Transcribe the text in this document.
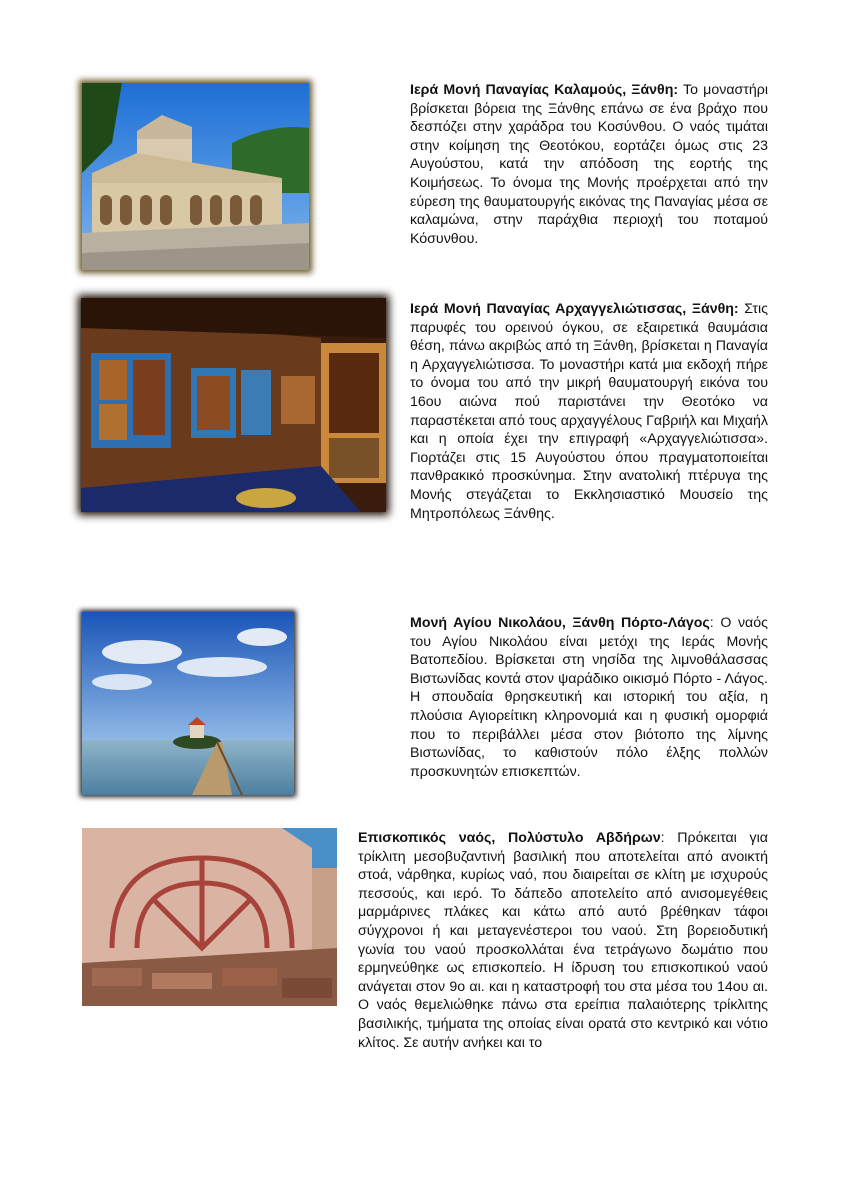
Ιερά Μονή Παναγίας Καλαμούς, Ξάνθη: Το μοναστήρι βρίσκεται βόρεια της Ξάνθης επάνω σε ένα βράχο που δεσπόζει στην χαράδρα του Κοσύνθου. Ο ναός τιμάται στην κοίμηση της Θεοτόκου, εορτάζει όμως στις 23 Αυγούστου, κατά την απόδοση της εορτής της Κοιμήσεως. Το όνομα της Μονής προέρχεται από την εύρεση της θαυματουργής εικόνας της Παναγίας μέσα σε καλαμώνα, στην παράχθια περιοχή του ποταμού Κόσυνθου.
Ιερά Μονή Παναγίας Αρχαγγελιώτισσας, Ξάνθη: Στις παρυφές του ορεινού όγκου, σε εξαιρετικά θαυμάσια θέση, πάνω ακριβώς από τη Ξάνθη, βρίσκεται η Παναγία η Αρχαγγελιώτισσα. Το μοναστήρι κατά μια εκδοχή πήρε το όνομα του από την μικρή θαυματουργή εικόνα του 16ου αιώνα πού παριστάνει την Θεοτόκο να παραστέκεται από τους αρχαγγέλους Γαβριήλ και Μιχαήλ και η οποία έχει την επιγραφή «Αρχαγγελιώτισσα». Γιορτάζει στις 15 Αυγούστου όπου πραγματοποιείται πανθρακικό προσκύνημα. Στην ανατολική πτέρυγα της Μονής στεγάζεται το Εκκλησιαστικό Μουσείο της Μητροπόλεως Ξάνθης.
Μονή Αγίου Νικολάου, Ξάνθη Πόρτο-Λάγος: Ο ναός του Αγίου Νικολάου είναι μετόχι της Ιεράς Μονής Βατοπεδίου. Βρίσκεται στη νησίδα της λιμνοθάλασσας Βιστωνίδας κοντά στον ψαράδικο οικισμό Πόρτο - Λάγος. Η σπουδαία θρησκευτική και ιστορική του αξία, η πλούσια Αγιορείτικη κληρονομιά και η φυσική ομορφιά που το περιβάλλει μέσα στον βιότοπο της λίμνης Βιστωνίδας, το καθιστούν πόλο έλξης πολλών προσκυνητών επισκεπτών.
Επισκοπικός ναός, Πολύστυλο Αβδήρων: Πρόκειται για τρίκλιτη μεσοβυζαντινή βασιλική που αποτελείται από ανοικτή στοά, νάρθηκα, κυρίως ναό, που διαιρείται σε κλίτη με ισχυρούς πεσσούς, και ιερό. Το δάπεδο αποτελείτο από ανισομεγέθεις μαρμάρινες πλάκες και κάτω από αυτό βρέθηκαν τάφοι σύγχρονοι ή και μεταγενέστεροι του ναού. Στη βορειοδυτική γωνία του ναού προσκολλάται ένα τετράγωνο δωμάτιο που ερμηνεύθηκε ως επισκοπείο. Η ίδρυση του επισκοπικού ναού ανάγεται στον 9ο αι. και η καταστροφή του στα μέσα του 14ου αι. Ο ναός θεμελιώθηκε πάνω στα ερείπια παλαιότερης τρίκλιτης βασιλικής, τμήματα της οποίας είναι ορατά στο κεντρικό και νότιο κλίτος. Σε αυτήν ανήκει και το
